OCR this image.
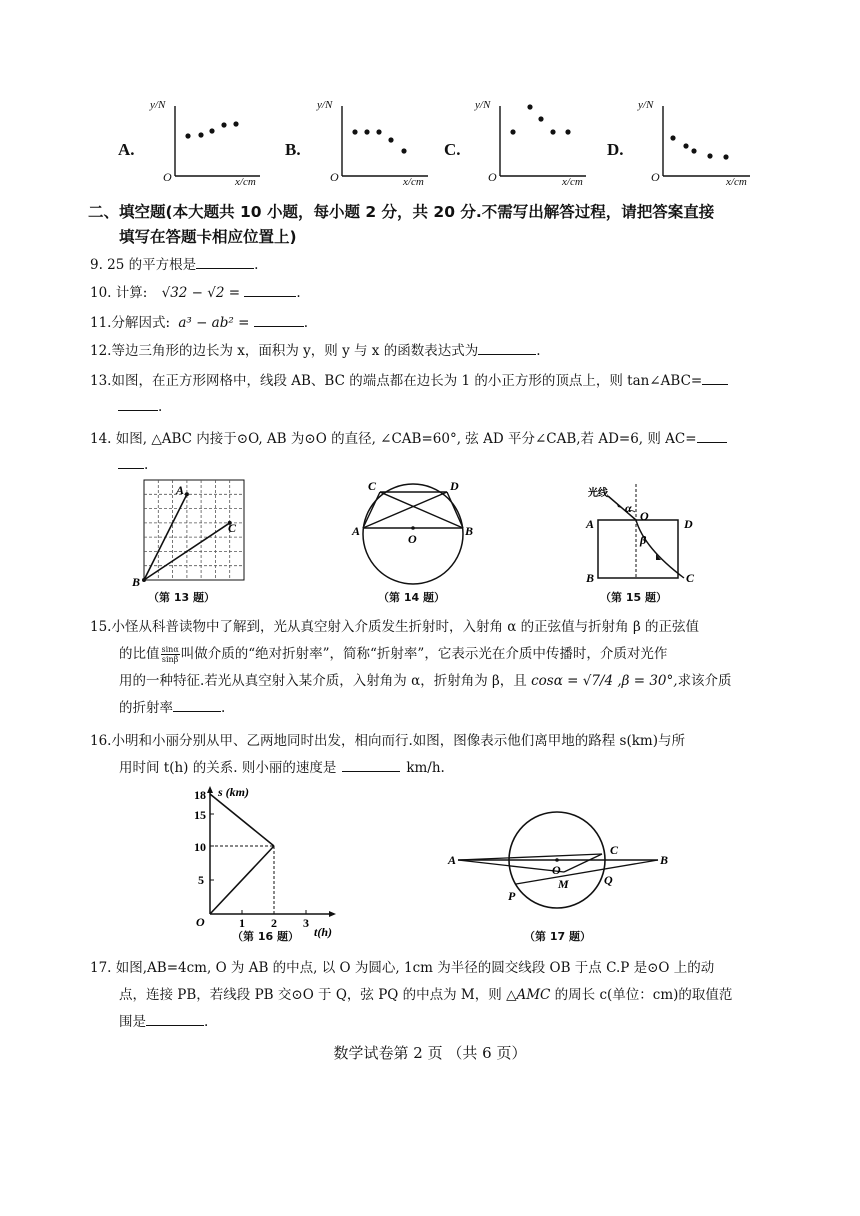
A.	B.	C.	D.
y/N	y/N	y/N	y/N
O	O	O	O
x/cm	x/cm	x/cm	x/cm
二、填空题(本大题共 10 小题，每小题 2 分，共 20 分.不需写出解答过程，请把答案直接
填写在答题卡相应位置上)
9. 25 的平方根是	.
10. 计算: √32 − √2 =	.
11.分解因式: a³ − ab² =	.
12.等边三角形的边长为 x，面积为 y，则 y 与 x 的函数表达式为	.
13.如图，在正方形网格中，线段 AB、BC 的端点都在边长为 1 的小正方形的顶点上，则 tan∠ABC=
.
14. 如图, △ABC 内接于⊙O, AB 为⊙O 的直径, ∠CAB=60°, 弦 AD 平分∠CAB,若 AD=6, 则 AC=
.
A
C
B
（第 13 题）
C	D
A	B
O
（第 14 题）
光线
α
O
β
A	D
B	C
（第 15 题）
15.小怪从科普读物中了解到，光从真空射入介质发生折射时，入射角 α 的正弦值与折射角 β 的正弦值
的比值 $\frac{\sin\alpha}{\sin\beta}$ 叫做介质的“绝对折射率”，简称“折射率”，它表示光在介质中传播时，介质对光作
用的一种特征.若光从真空射入某介质，入射角为 α，折射角为 β，且 cosα = √7/4 ,β = 30°,求该介质
的折射率	.
16.小明和小丽分别从甲、乙两地同时出发，相向而行.如图，图像表示他们离甲地的路程 s(km)与所
用时间 t(h) 的关系. 则小丽的速度是	km/h.
s (km)
t(h)
18
15
10
5
O	1 2 3
（第 16 题）
A	B
O
C
P
Q
M
（第 17 题）
17. 如图,AB=4cm, O 为 AB 的中点, 以 O 为圆心, 1cm 为半径的圆交线段 OB 于点 C.P 是⊙O 上的动
点，连接 PB，若线段 PB 交⊙O 于 Q，弦 PQ 的中点为 M，则 △AMC 的周长 c(单位：cm)的取值范
围是	.
数学试卷第 2 页 （共 6 页）
